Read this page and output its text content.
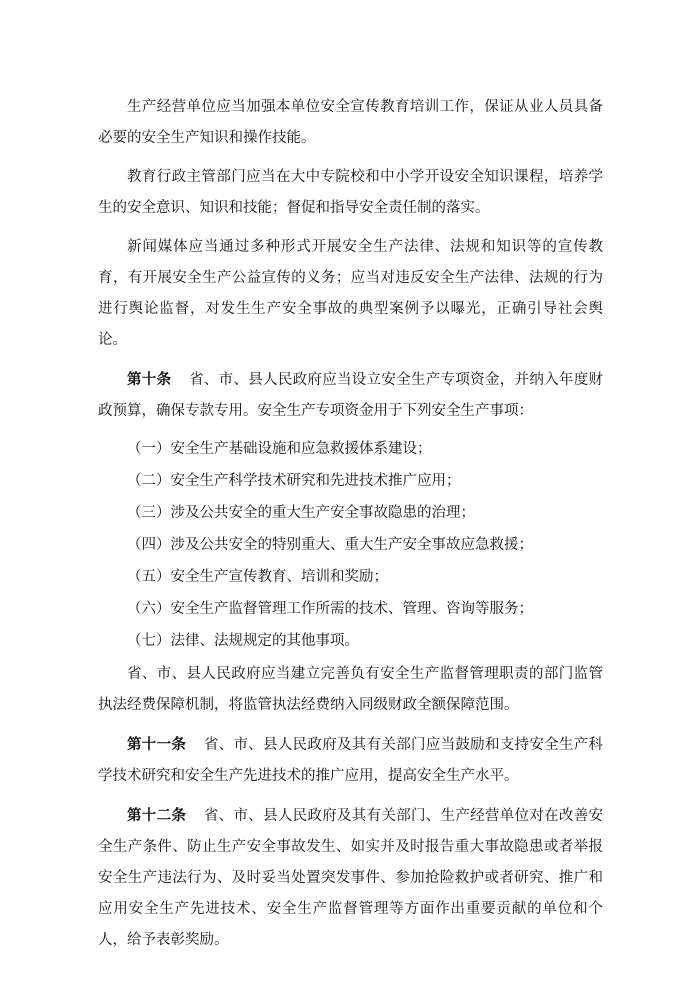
生产经营单位应当加强本单位安全宣传教育培训工作，保证从业人员具备必要的安全生产知识和操作技能。

教育行政主管部门应当在大中专院校和中小学开设安全知识课程，培养学生的安全意识、知识和技能；督促和指导安全责任制的落实。

新闻媒体应当通过多种形式开展安全生产法律、法规和知识等的宣传教育，有开展安全生产公益宣传的义务；应当对违反安全生产法律、法规的行为进行舆论监督，对发生生产安全事故的典型案例予以曝光，正确引导社会舆论。

第十条 省、市、县人民政府应当设立安全生产专项资金，并纳入年度财政预算，确保专款专用。安全生产专项资金用于下列安全生产事项：

（一）安全生产基础设施和应急救援体系建设；

（二）安全生产科学技术研究和先进技术推广应用；

（三）涉及公共安全的重大生产安全事故隐患的治理；

（四）涉及公共安全的特别重大、重大生产安全事故应急救援；

（五）安全生产宣传教育、培训和奖励；

（六）安全生产监督管理工作所需的技术、管理、咨询等服务；

（七）法律、法规规定的其他事项。

省、市、县人民政府应当建立完善负有安全生产监督管理职责的部门监管执法经费保障机制，将监管执法经费纳入同级财政全额保障范围。

第十一条 省、市、县人民政府及其有关部门应当鼓励和支持安全生产科学技术研究和安全生产先进技术的推广应用，提高安全生产水平。

第十二条 省、市、县人民政府及其有关部门、生产经营单位对在改善安全生产条件、防止生产安全事故发生、如实并及时报告重大事故隐患或者举报安全生产违法行为、及时妥当处置突发事件、参加抢险救护或者研究、推广和应用安全生产先进技术、安全生产监督管理等方面作出重要贡献的单位和个人，给予表彰奖励。
